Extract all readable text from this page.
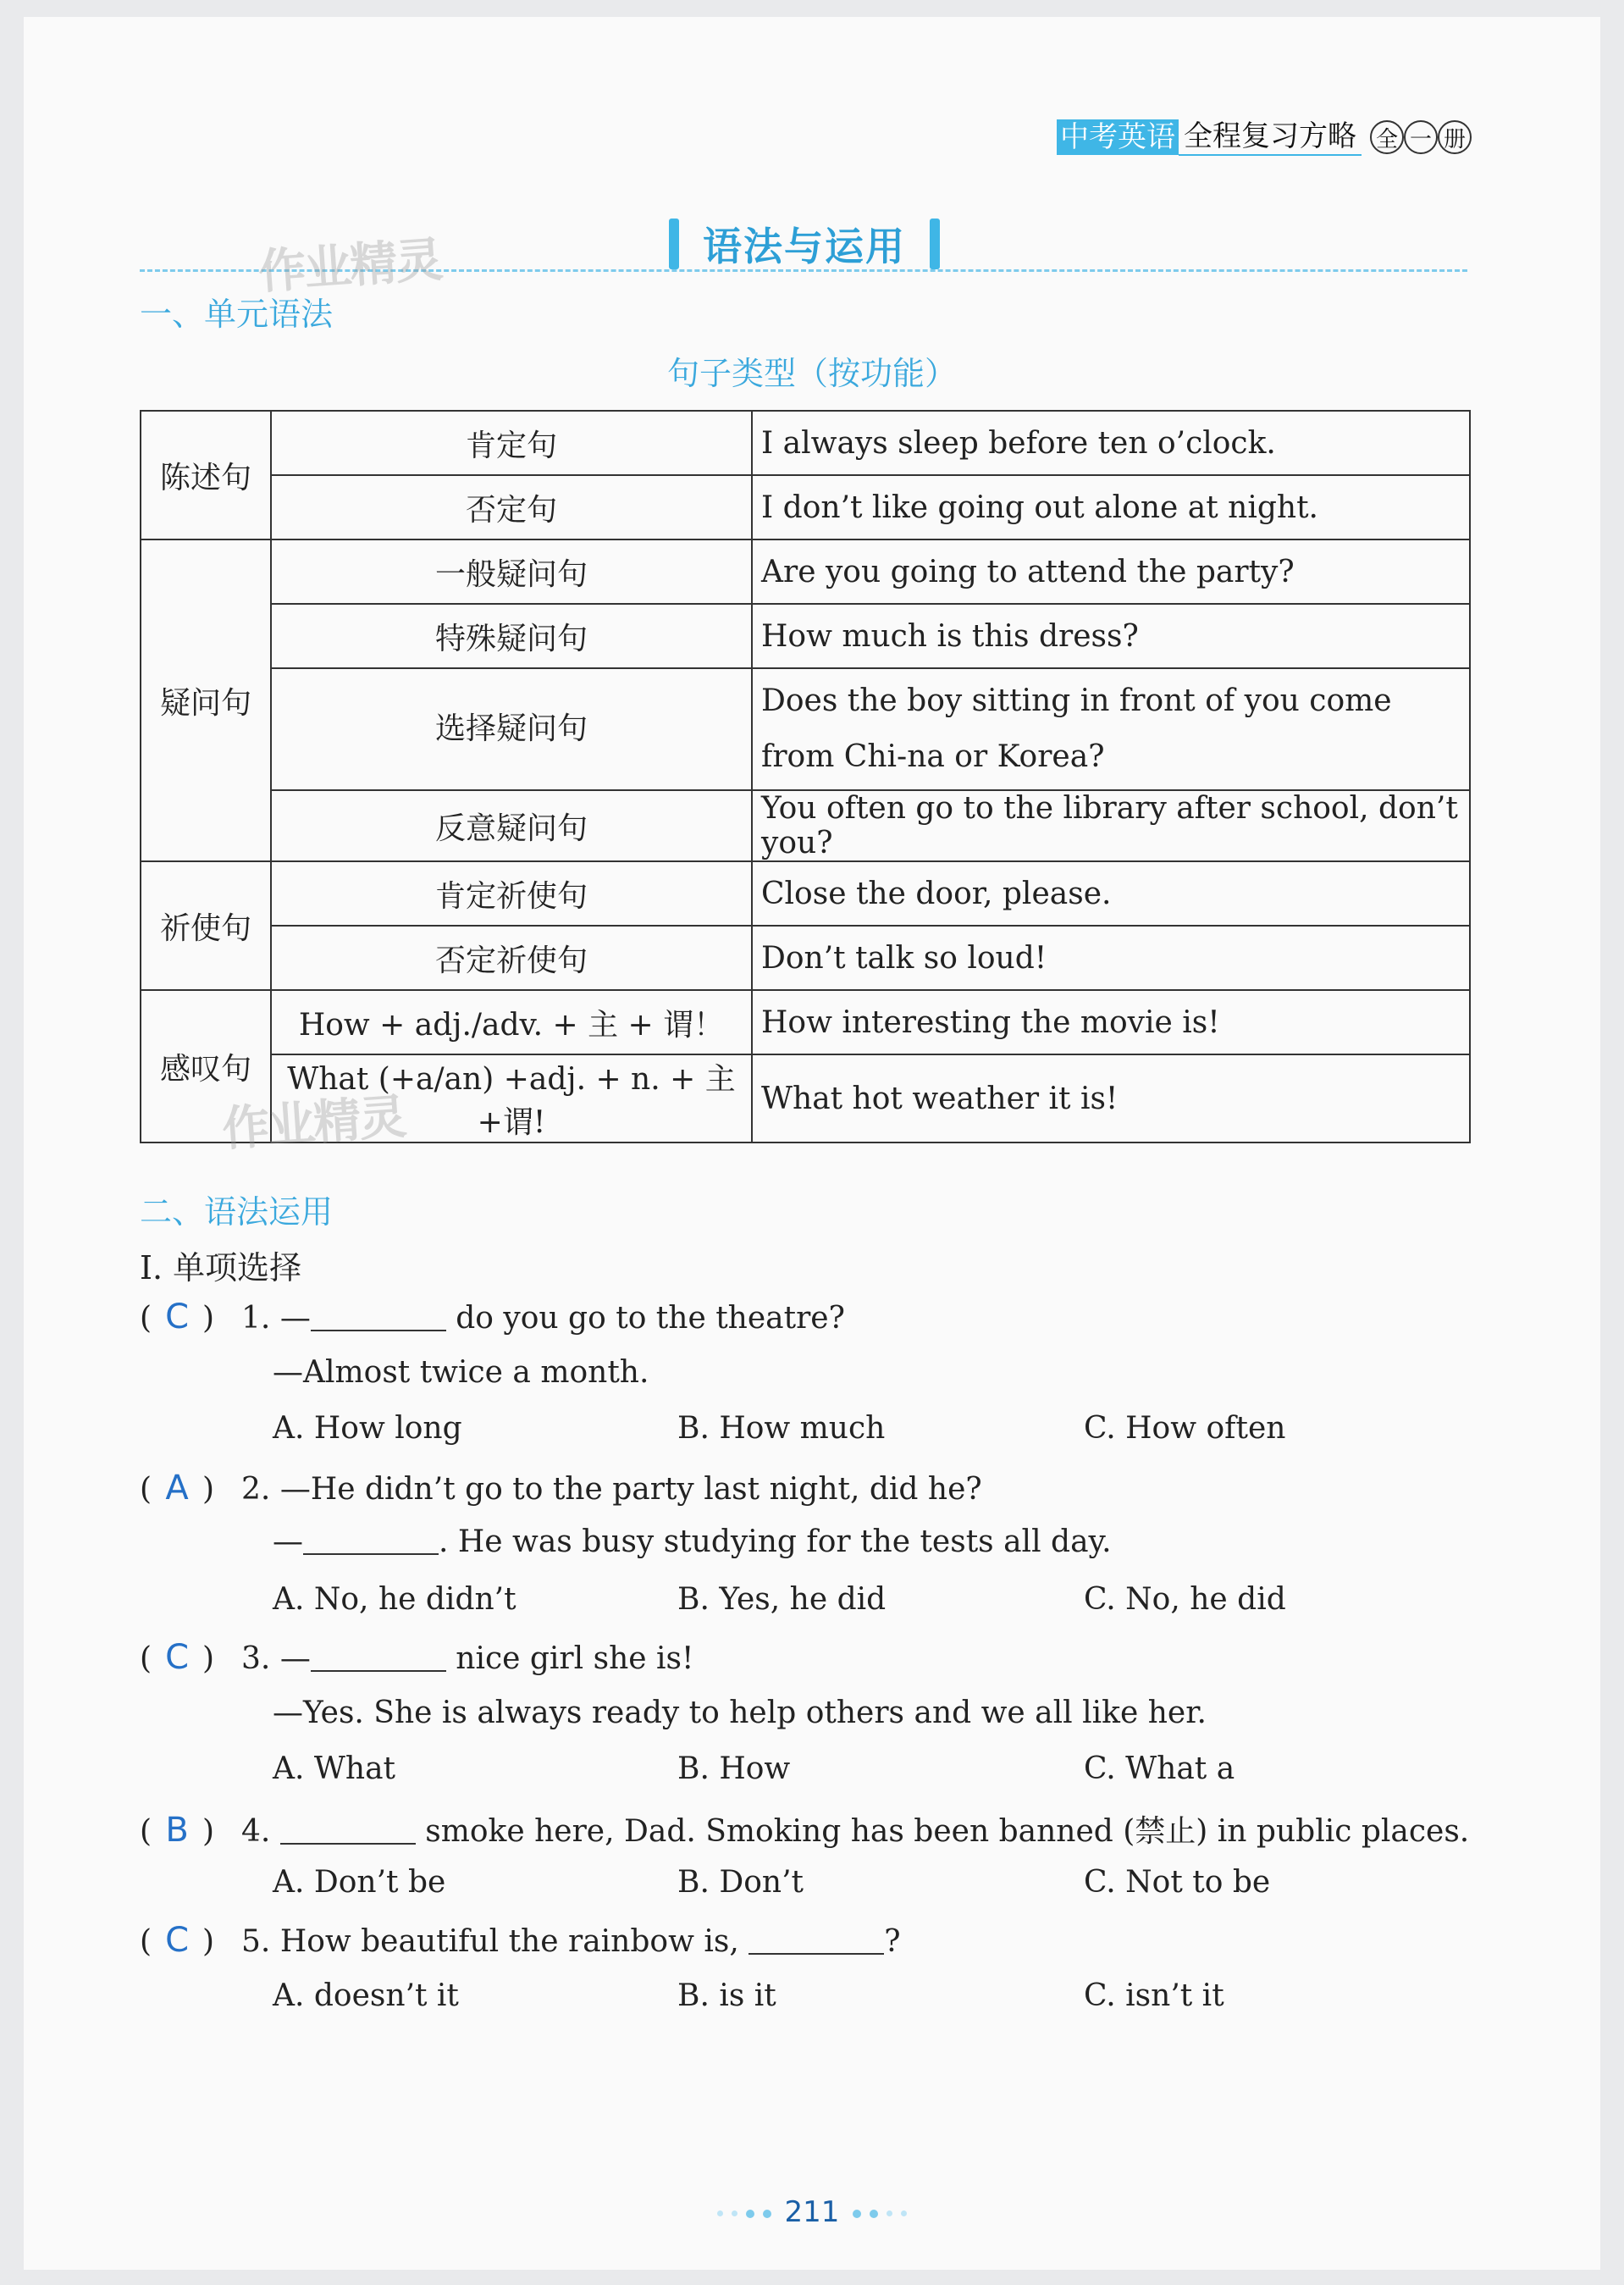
中考英语 全程复习方略 全 一 册
语法与运用
作业精灵
一、单元语法
句子类型（按功能）
陈述句	肯定句	I always sleep before ten o’clock.
	否定句	I don’t like going out alone at night.
疑问句	一般疑问句	Are you going to attend the party?
	特殊疑问句	How much is this dress?
	选择疑问句	Does the boy sitting in front of you come from Chi-na or Korea?
	反意疑问句	You often go to the library after school, don’t you?
祈使句	肯定祈使句	Close the door, please.
	否定祈使句	Don’t talk so loud!
感叹句	How + adj./adv. + 主 + 谓！	How interesting the movie is!
	What (+a/an) +adj. + n. + 主+谓!	What hot weather it is!
作业精灵
二、语法运用
I. 单项选择
( C ) 1. —	do you go to the theatre?
—Almost twice a month.
A. How long	B. How much	C. How often
( A ) 2. —He didn’t go to the party last night, did he?
—	. He was busy studying for the tests all day.
A. No, he didn’t	B. Yes, he did	C. No, he did
( C ) 3. —	nice girl she is!
—Yes. She is always ready to help others and we all like her.
A. What	B. How	C. What a
( B ) 4.	smoke here, Dad. Smoking has been banned (禁止) in public places.
A. Don’t be	B. Don’t	C. Not to be
( C ) 5. How beautiful the rainbow is,	?
A. doesn’t it	B. is it	C. isn’t it
211
